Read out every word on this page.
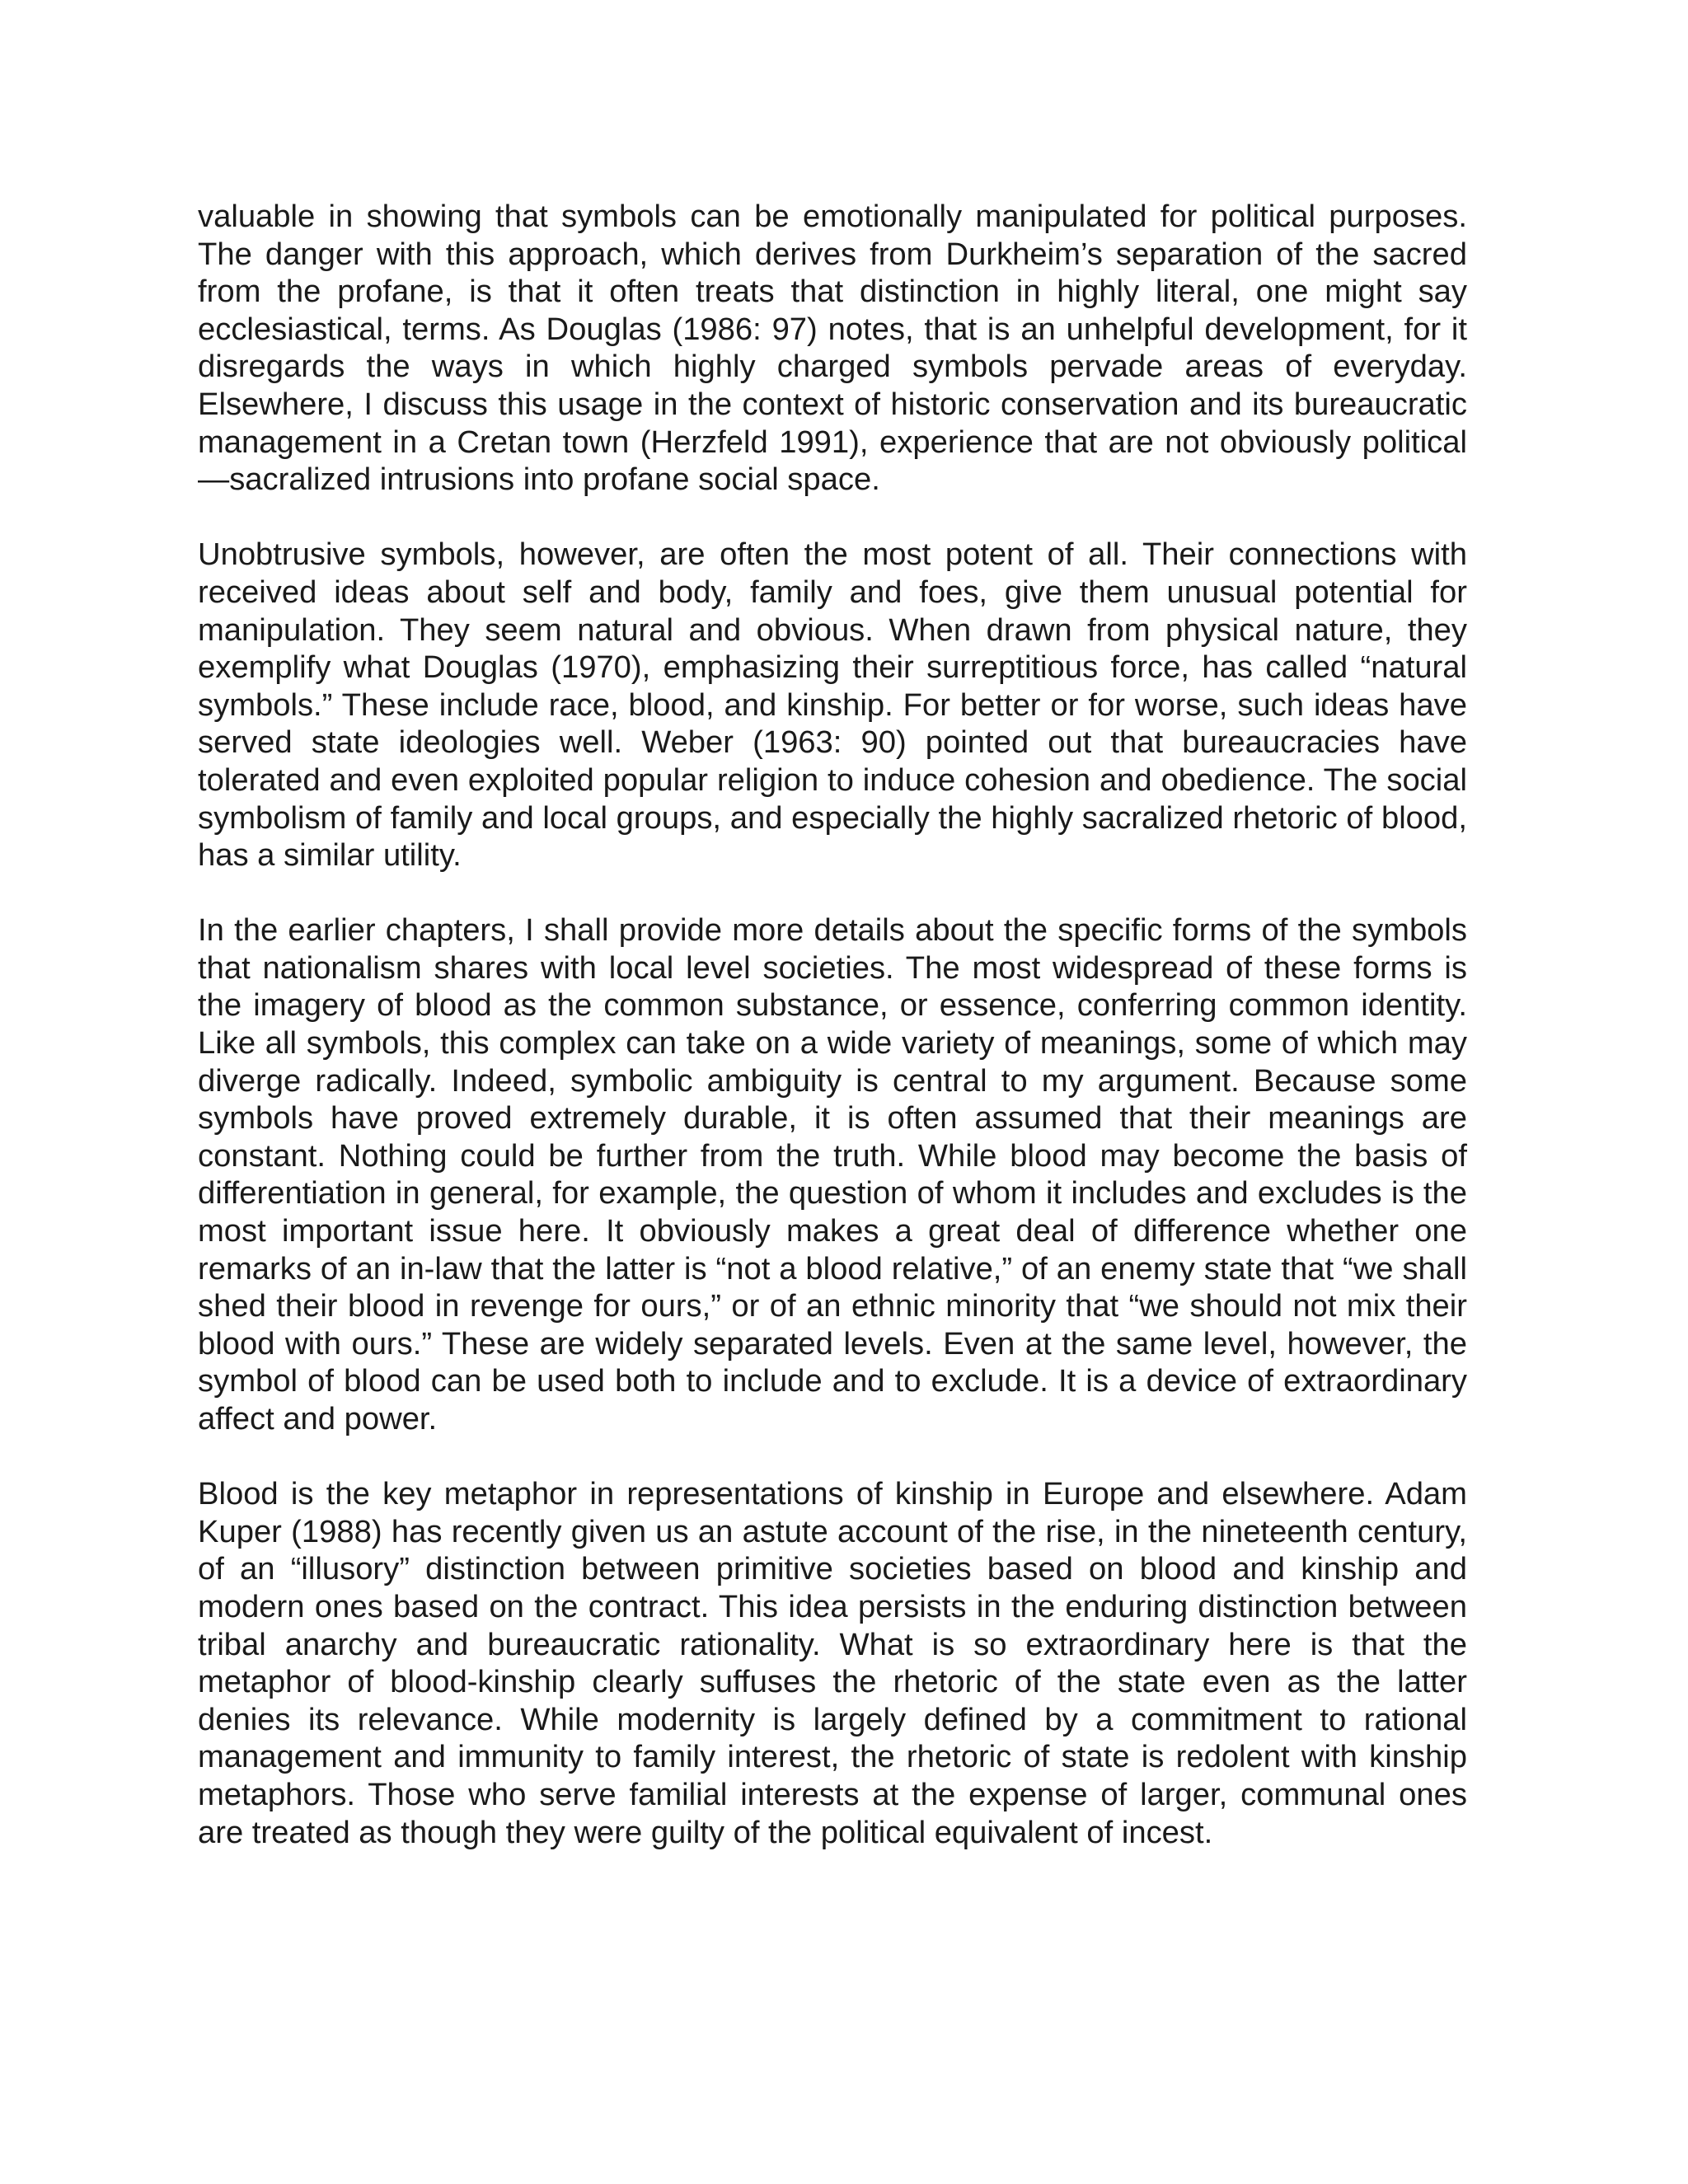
valuable in showing that symbols can be emotionally manipulated for political purposes. The danger with this approach, which derives from Durkheim’s separation of the sacred from the profane, is that it often treats that distinction in highly literal, one might say ecclesiastical, terms. As Douglas (1986: 97) notes, that is an unhelpful development, for it disregards the ways in which highly charged symbols pervade areas of everyday. Elsewhere, I discuss this usage in the context of historic conservation and its bureaucratic management in a Cretan town (Herzfeld 1991), experience that are not obviously political—sacralized intrusions into profane social space.

Unobtrusive symbols, however, are often the most potent of all. Their connections with received ideas about self and body, family and foes, give them unusual potential for manipulation. They seem natural and obvious. When drawn from physical nature, they exemplify what Douglas (1970), emphasizing their surreptitious force, has called “natural symbols.” These include race, blood, and kinship. For better or for worse, such ideas have served state ideologies well. Weber (1963: 90) pointed out that bureaucracies have tolerated and even exploited popular religion to induce cohesion and obedience. The social symbolism of family and local groups, and especially the highly sacralized rhetoric of blood, has a similar utility.

In the earlier chapters, I shall provide more details about the specific forms of the symbols that nationalism shares with local level societies. The most widespread of these forms is the imagery of blood as the common substance, or essence, conferring common identity. Like all symbols, this complex can take on a wide variety of meanings, some of which may diverge radically. Indeed, symbolic ambiguity is central to my argument. Because some symbols have proved extremely durable, it is often assumed that their meanings are constant. Nothing could be further from the truth. While blood may become the basis of differentiation in general, for example, the question of whom it includes and excludes is the most important issue here. It obviously makes a great deal of difference whether one remarks of an in-law that the latter is “not a blood relative,” of an enemy state that “we shall shed their blood in revenge for ours,” or of an ethnic minority that “we should not mix their blood with ours.” These are widely separated levels. Even at the same level, however, the symbol of blood can be used both to include and to exclude. It is a device of extraordinary affect and power.

Blood is the key metaphor in representations of kinship in Europe and elsewhere. Adam Kuper (1988) has recently given us an astute account of the rise, in the nineteenth century, of an “illusory” distinction between primitive societies based on blood and kinship and modern ones based on the contract. This idea persists in the enduring distinction between tribal anarchy and bureaucratic rationality. What is so extraordinary here is that the metaphor of blood-kinship clearly suffuses the rhetoric of the state even as the latter denies its relevance. While modernity is largely defined by a commitment to rational management and immunity to family interest, the rhetoric of state is redolent with kinship metaphors. Those who serve familial interests at the expense of larger, communal ones are treated as though they were guilty of the political equivalent of incest.
